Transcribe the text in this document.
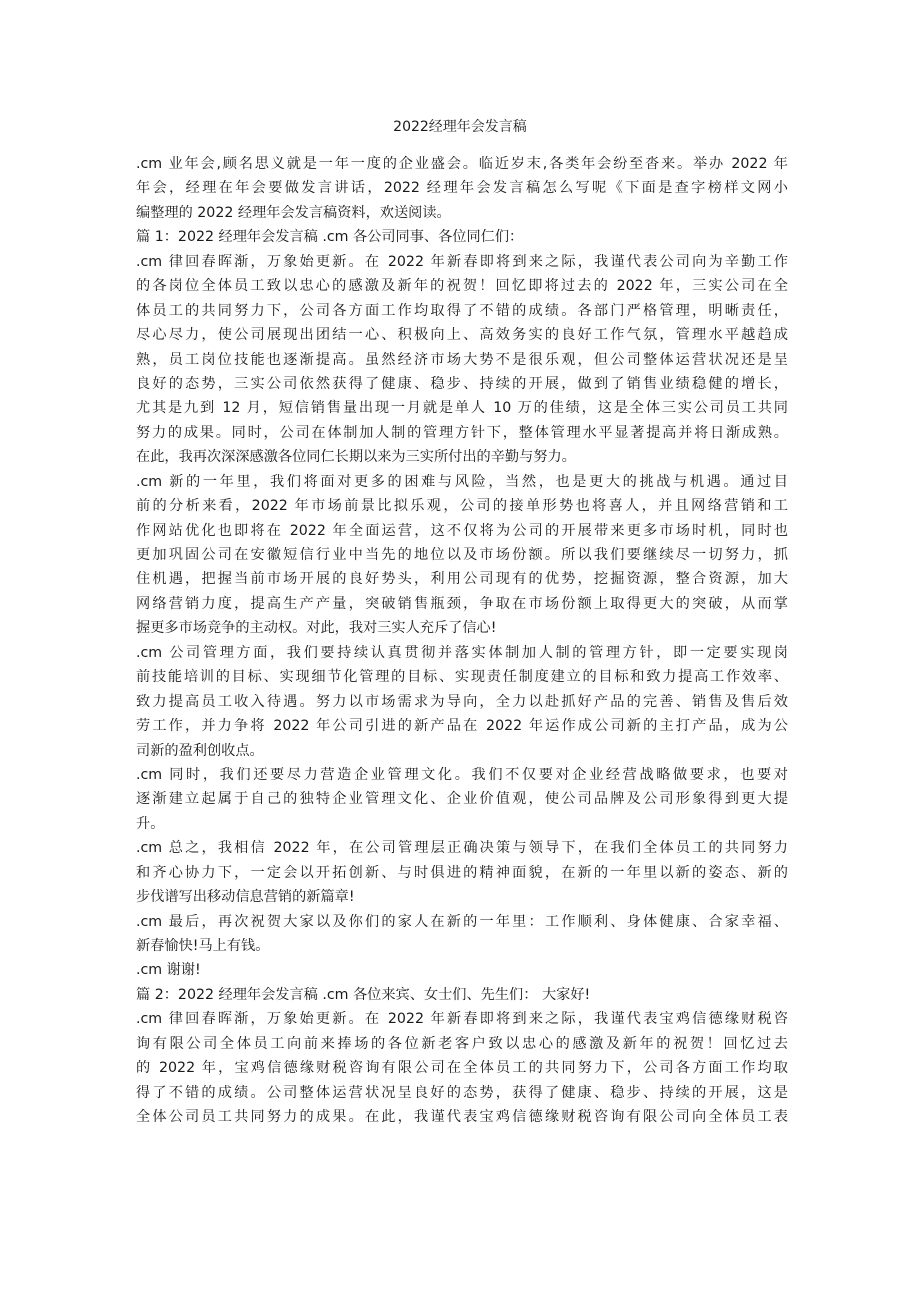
2022经理年会发言稿
.cm 业年会,顾名思义就是一年一度的企业盛会。临近岁末,各类年会纷至沓来。举办 2022 年
年会，经理在年会要做发言讲话，2022 经理年会发言稿怎么写呢《下面是查字榜样文网小
编整理的 2022 经理年会发言稿资料，欢送阅读。
篇 1：2022 经理年会发言稿 .cm 各公司同事、各位同仁们：
.cm 律回春晖渐，万象始更新。在 2022 年新春即将到来之际，我谨代表公司向为辛勤工作
的各岗位全体员工致以忠心的感激及新年的祝贺！回忆即将过去的 2022 年，三实公司在全
体员工的共同努力下，公司各方面工作均取得了不错的成绩。各部门严格管理，明晰责任，
尽心尽力，使公司展现出团结一心、积极向上、高效务实的良好工作气氛，管理水平越趋成
熟，员工岗位技能也逐渐提高。虽然经济市场大势不是很乐观，但公司整体运营状况还是呈
良好的态势，三实公司依然获得了健康、稳步、持续的开展，做到了销售业绩稳健的增长，
尤其是九到 12 月，短信销售量出现一月就是单人 10 万的佳绩，这是全体三实公司员工共同
努力的成果。同时，公司在体制加人制的管理方针下，整体管理水平显著提高并将日渐成熟。
在此，我再次深深感激各位同仁长期以来为三实所付出的辛勤与努力。
.cm 新的一年里，我们将面对更多的困难与风险，当然，也是更大的挑战与机遇。通过目
前的分析来看，2022 年市场前景比拟乐观，公司的接单形势也将喜人，并且网络营销和工
作网站优化也即将在 2022 年全面运营，这不仅将为公司的开展带来更多市场时机，同时也
更加巩固公司在安徽短信行业中当先的地位以及市场份额。所以我们要继续尽一切努力，抓
住机遇，把握当前市场开展的良好势头，利用公司现有的优势，挖掘资源，整合资源，加大
网络营销力度，提高生产产量，突破销售瓶颈，争取在市场份额上取得更大的突破，从而掌
握更多市场竞争的主动权。对此，我对三实人充斥了信心!
.cm 公司管理方面，我们要持续认真贯彻并落实体制加人制的管理方针，即一定要实现岗
前技能培训的目标、实现细节化管理的目标、实现责任制度建立的目标和致力提高工作效率、
致力提高员工收入待遇。努力以市场需求为导向，全力以赴抓好产品的完善、销售及售后效
劳工作，并力争将 2022 年公司引进的新产品在 2022 年运作成公司新的主打产品，成为公
司新的盈利创收点。
.cm 同时，我们还要尽力营造企业管理文化。我们不仅要对企业经营战略做要求，也要对
逐渐建立起属于自己的独特企业管理文化、企业价值观，使公司品牌及公司形象得到更大提
升。
.cm 总之，我相信 2022 年，在公司管理层正确决策与领导下，在我们全体员工的共同努力
和齐心协力下，一定会以开拓创新、与时俱进的精神面貌，在新的一年里以新的姿态、新的
步伐谱写出移动信息营销的新篇章!
.cm 最后，再次祝贺大家以及你们的家人在新的一年里：工作顺利、身体健康、合家幸福、
新春愉快!马上有钱。
.cm 谢谢!
篇 2：2022 经理年会发言稿 .cm 各位来宾、女士们、先生们： 大家好!
.cm 律回春晖渐，万象始更新。在 2022 年新春即将到来之际，我谨代表宝鸡信德缘财税咨
询有限公司全体员工向前来捧场的各位新老客户致以忠心的感激及新年的祝贺！回忆过去
的 2022 年，宝鸡信德缘财税咨询有限公司在全体员工的共同努力下，公司各方面工作均取
得了不错的成绩。公司整体运营状况呈良好的态势，获得了健康、稳步、持续的开展，这是
全体公司员工共同努力的成果。在此，我谨代表宝鸡信德缘财税咨询有限公司向全体员工表
